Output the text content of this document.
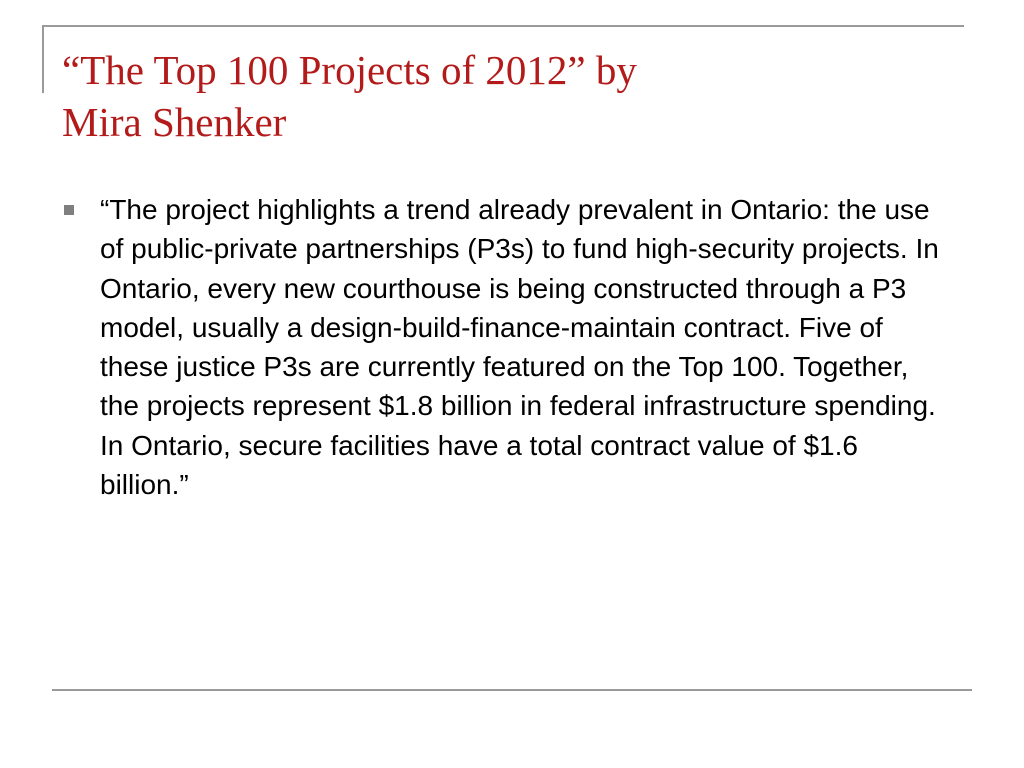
“The Top 100 Projects of 2012” by
Mira Shenker

“The project highlights a trend already prevalent in Ontario: the use of public-private partnerships (P3s) to fund high-security projects. In Ontario, every new courthouse is being constructed through a P3 model, usually a design-build-finance-maintain contract. Five of these justice P3s are currently featured on the Top 100. Together, the projects represent $1.8 billion in federal infrastructure spending. In Ontario, secure facilities have a total contract value of $1.6 billion.”
